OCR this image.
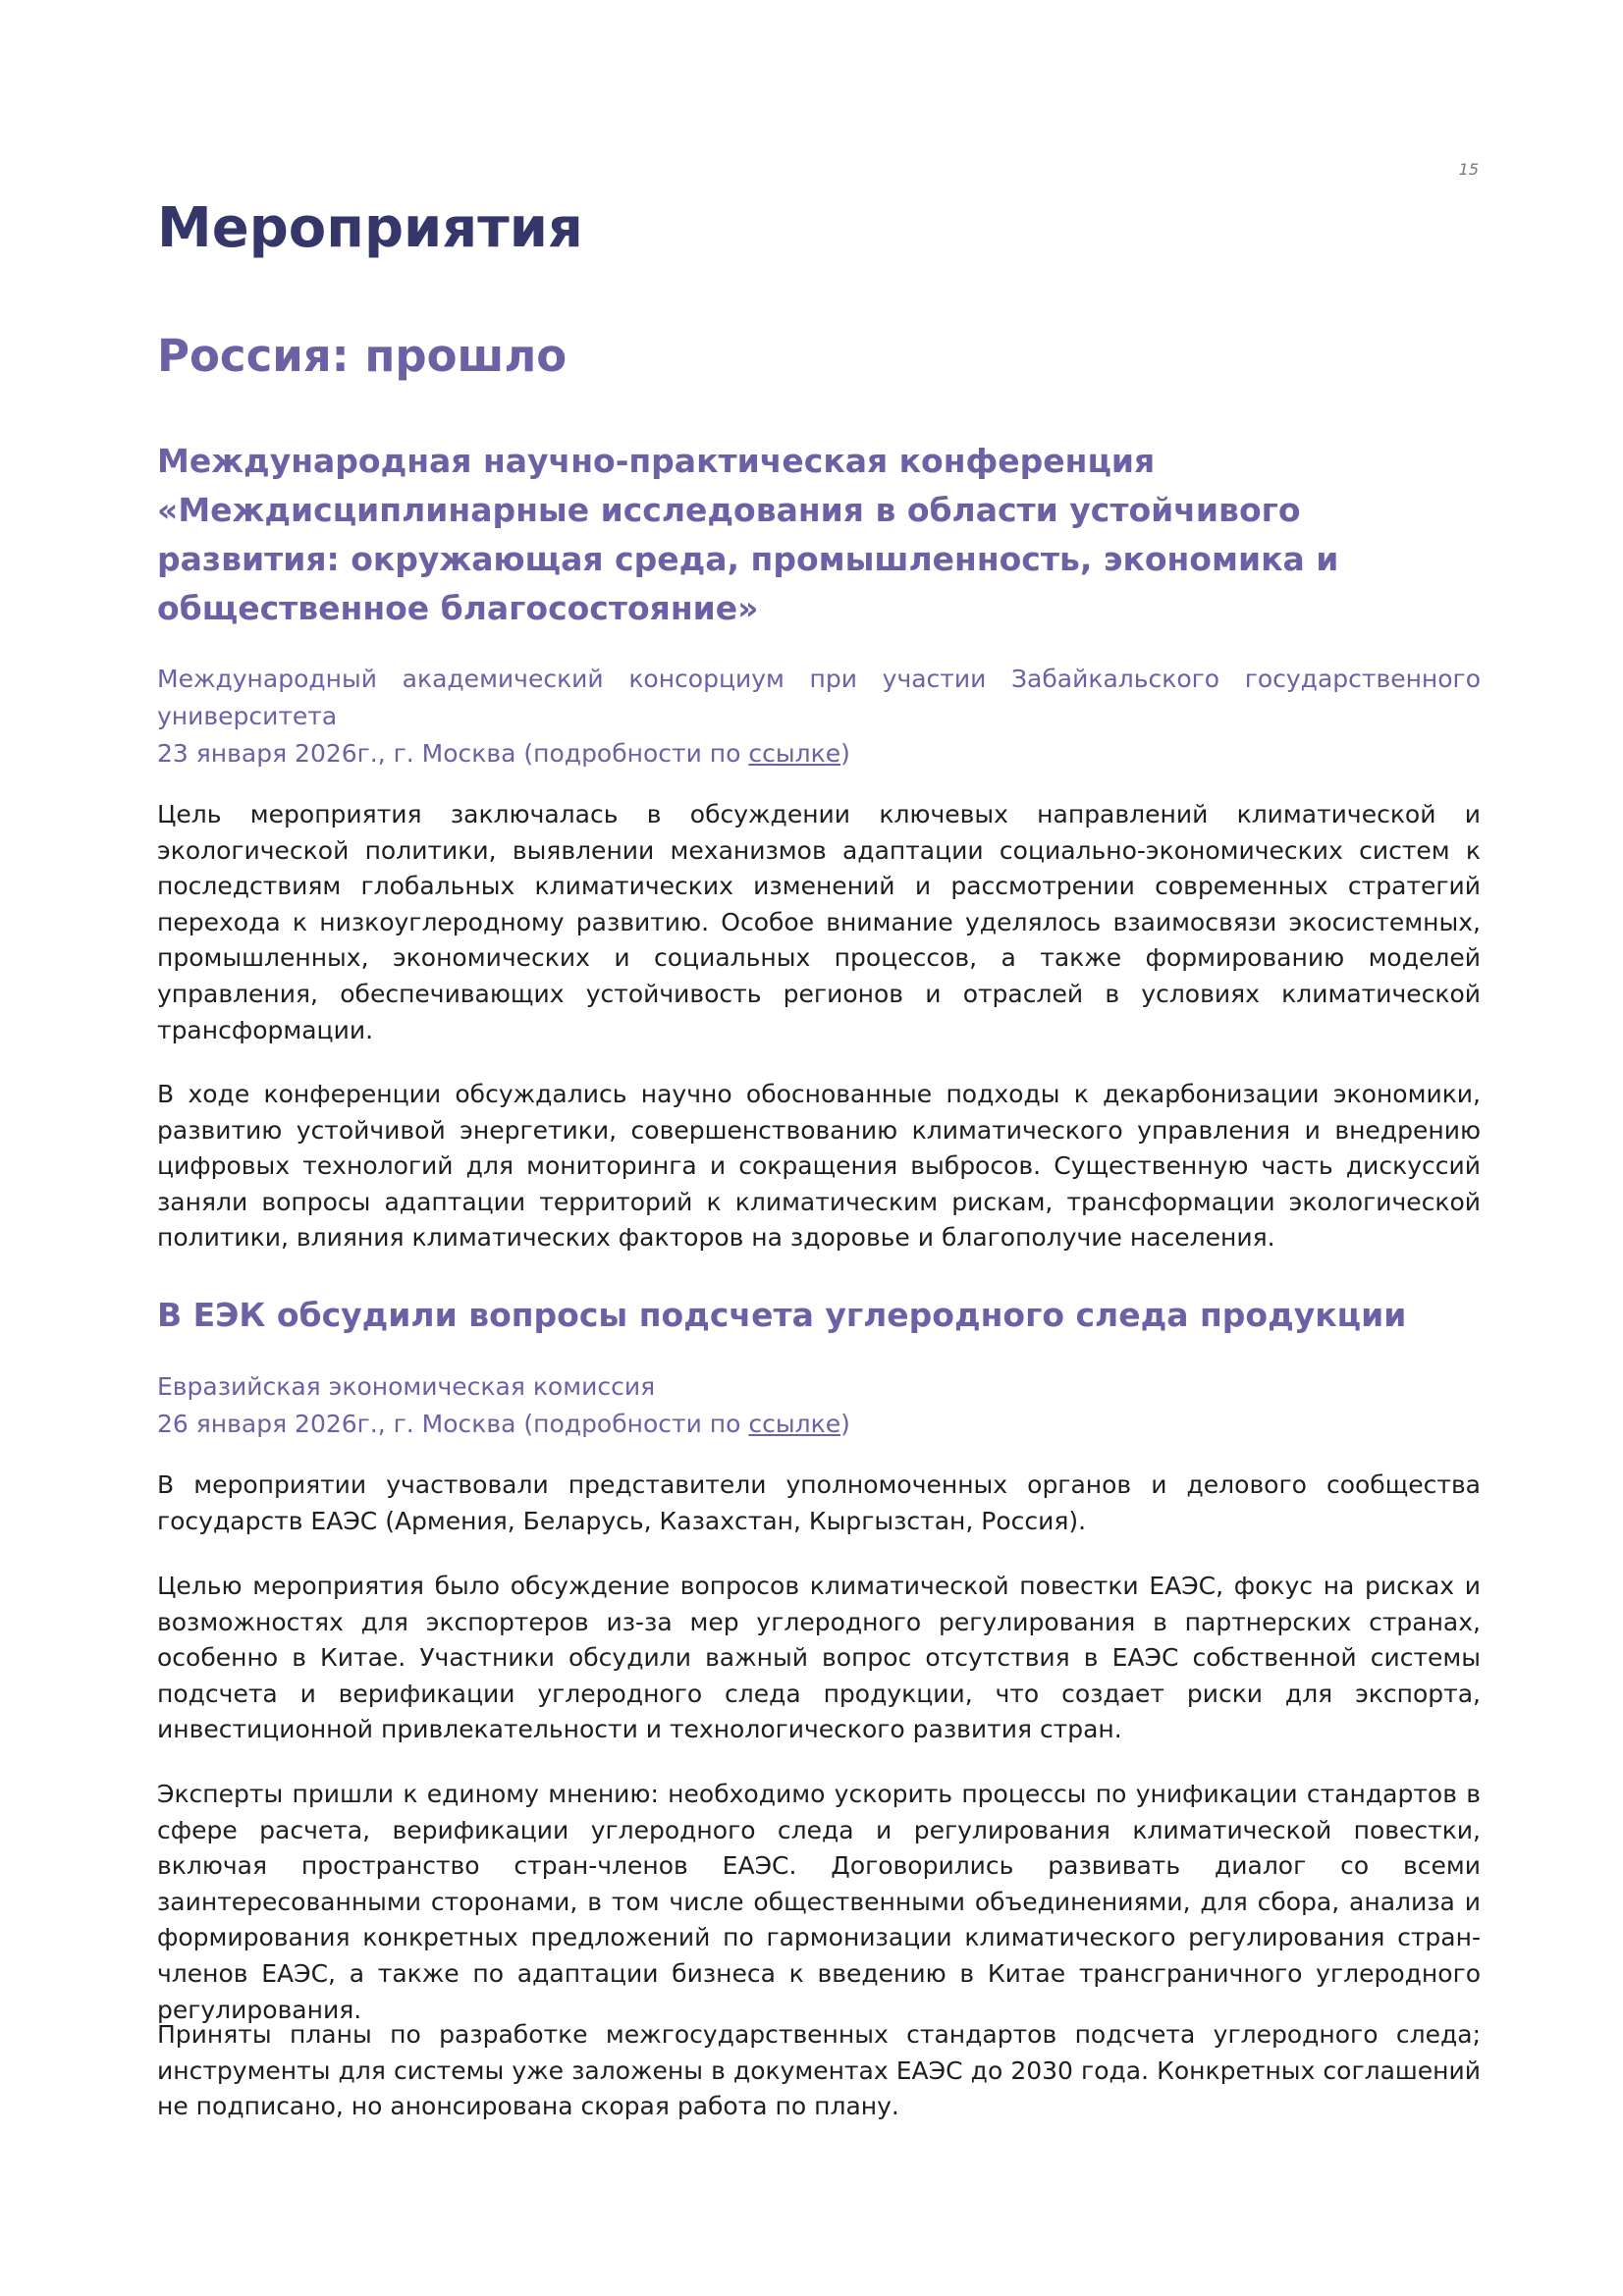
15
Мероприятия
Россия: прошло
Международная научно-практическая конференция «Междисциплинарные исследования в области устойчивого развития: окружающая среда, промышленность, экономика и общественное благосостояние»
Международный академический консорциум при участии Забайкальского государственного
университета
23 января 2026г., г. Москва (подробности по ссылке)

Цель мероприятия заключалась в обсуждении ключевых направлений климатической и экологической политики, выявлении механизмов адаптации социально-экономических систем к последствиям глобальных климатических изменений и рассмотрении современных стратегий перехода к низкоуглеродному развитию. Особое внимание уделялось взаимосвязи экосистемных, промышленных, экономических и социальных процессов, а также формированию моделей управления, обеспечивающих устойчивость регионов и отраслей в условиях климатической трансформации.

В ходе конференции обсуждались научно обоснованные подходы к декарбонизации экономики, развитию устойчивой энергетики, совершенствованию климатического управления и внедрению цифровых технологий для мониторинга и сокращения выбросов. Существенную часть дискуссий заняли вопросы адаптации территорий к климатическим рискам, трансформации экологической политики, влияния климатических факторов на здоровье и благополучие населения.

В ЕЭК обсудили вопросы подсчета углеродного следа продукции
Евразийская экономическая комиссия
26 января 2026г., г. Москва (подробности по ссылке)

В мероприятии участвовали представители уполномоченных органов и делового сообщества государств ЕАЭС (Армения, Беларусь, Казахстан, Кыргызстан, Россия).

Целью мероприятия было обсуждение вопросов климатической повестки ЕАЭС, фокус на рисках и возможностях для экспортеров из-за мер углеродного регулирования в партнерских странах, особенно в Китае. Участники обсудили важный вопрос отсутствия в ЕАЭС собственной системы подсчета и верификации углеродного следа продукции, что создает риски для экспорта, инвестиционной привлекательности и технологического развития стран.

Эксперты пришли к единому мнению: необходимо ускорить процессы по унификации стандартов в сфере расчета, верификации углеродного следа и регулирования климатической повестки, включая пространство стран-членов ЕАЭС. Договорились развивать диалог со всеми заинтересованными сторонами, в том числе общественными объединениями, для сбора, анализа и формирования конкретных предложений по гармонизации климатического регулирования стран-членов ЕАЭС, а также по адаптации бизнеса к введению в Китае трансграничного углеродного регулирования.

Приняты планы по разработке межгосударственных стандартов подсчета углеродного следа; инструменты для системы уже заложены в документах ЕАЭС до 2030 года. Конкретных соглашений не подписано, но анонсирована скорая работа по плану.
